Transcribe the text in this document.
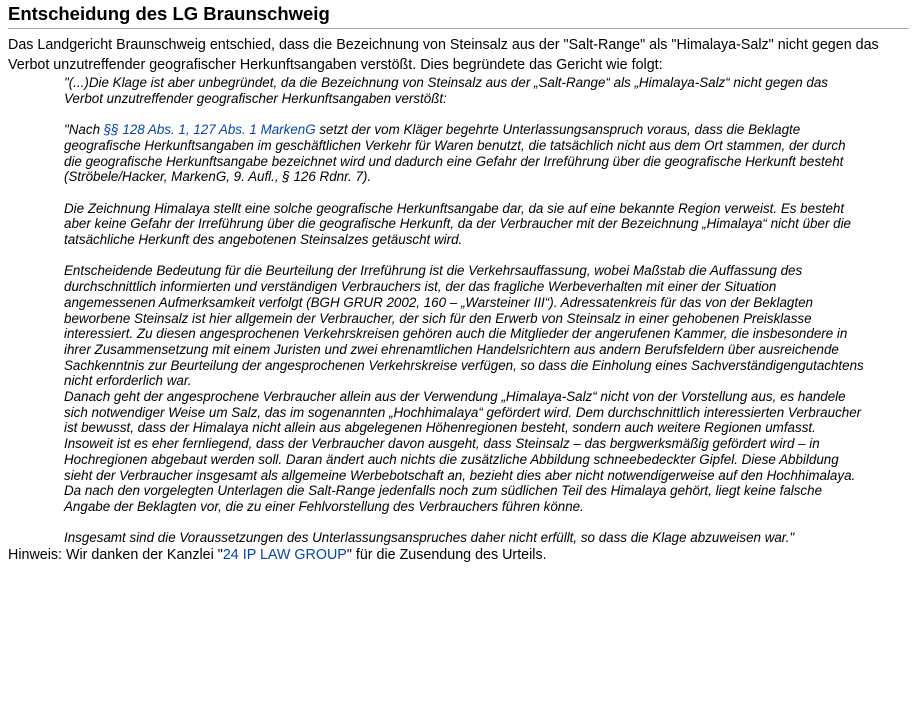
Entscheidung des LG Braunschweig

Das Landgericht Braunschweig entschied, dass die Bezeichnung von Steinsalz aus der "Salt-Range" als "Himalaya-Salz" nicht gegen das Verbot unzutreffender geografischer Herkunftsangaben verstößt. Dies begründete das Gericht wie folgt:

"(...)Die Klage ist aber unbegründet, da die Bezeichnung von Steinsalz aus der „Salt-Range“ als „Himalaya-Salz“ nicht gegen das Verbot unzutreffender geografischer Herkunftsangaben verstößt:

"Nach §§ 128 Abs. 1, 127 Abs. 1 MarkenG setzt der vom Kläger begehrte Unterlassungsanspruch voraus, dass die Beklagte geografische Herkunftsangaben im geschäftlichen Verkehr für Waren benutzt, die tatsächlich nicht aus dem Ort stammen, der durch die geografische Herkunftsangabe bezeichnet wird und dadurch eine Gefahr der Irreführung über die geografische Herkunft besteht (Ströbele/Hacker, MarkenG, 9. Aufl., § 126 Rdnr. 7).

Die Zeichnung Himalaya stellt eine solche geografische Herkunftsangabe dar, da sie auf eine bekannte Region verweist. Es besteht aber keine Gefahr der Irreführung über die geografische Herkunft, da der Verbraucher mit der Bezeichnung „Himalaya“ nicht über die tatsächliche Herkunft des angebotenen Steinsalzes getäuscht wird.

Entscheidende Bedeutung für die Beurteilung der Irreführung ist die Verkehrsauffassung, wobei Maßstab die Auffassung des durchschnittlich informierten und verständigen Verbrauchers ist, der das fragliche Werbeverhalten mit einer der Situation angemessenen Aufmerksamkeit verfolgt (BGH GRUR 2002, 160 – „Warsteiner III“). Adressatenkreis für das von der Beklagten beworbene Steinsalz ist hier allgemein der Verbraucher, der sich für den Erwerb von Steinsalz in einer gehobenen Preisklasse interessiert. Zu diesen angesprochenen Verkehrskreisen gehören auch die Mitglieder der angerufenen Kammer, die insbesondere in ihrer Zusammensetzung mit einem Juristen und zwei ehrenamtlichen Handelsrichtern aus andern Berufsfeldern über ausreichende Sachkenntnis zur Beurteilung der angesprochenen Verkehrskreise verfügen, so dass die Einholung eines Sachverständigengutachtens nicht erforderlich war.

Danach geht der angesprochene Verbraucher allein aus der Verwendung „Himalaya-Salz“ nicht von der Vorstellung aus, es handele sich notwendiger Weise um Salz, das im sogenannten „Hochhimalaya“ gefördert wird. Dem durchschnittlich interessierten Verbraucher ist bewusst, dass der Himalaya nicht allein aus abgelegenen Höhenregionen besteht, sondern auch weitere Regionen umfasst. Insoweit ist es eher fernliegend, dass der Verbraucher davon ausgeht, dass Steinsalz – das bergwerksmäßig gefördert wird – in Hochregionen abgebaut werden soll. Daran ändert auch nichts die zusätzliche Abbildung schneebedeckter Gipfel. Diese Abbildung sieht der Verbraucher insgesamt als allgemeine Werbebotschaft an, bezieht dies aber nicht notwendigerweise auf den Hochhimalaya. Da nach den vorgelegten Unterlagen die Salt-Range jedenfalls noch zum südlichen Teil des Himalaya gehört, liegt keine falsche Angabe der Beklagten vor, die zu einer Fehlvorstellung des Verbrauchers führen könne.

Insgesamt sind die Voraussetzungen des Unterlassungsanspruches daher nicht erfüllt, so dass die Klage abzuweisen war."

Hinweis: Wir danken der Kanzlei "24 IP LAW GROUP" für die Zusendung des Urteils.
